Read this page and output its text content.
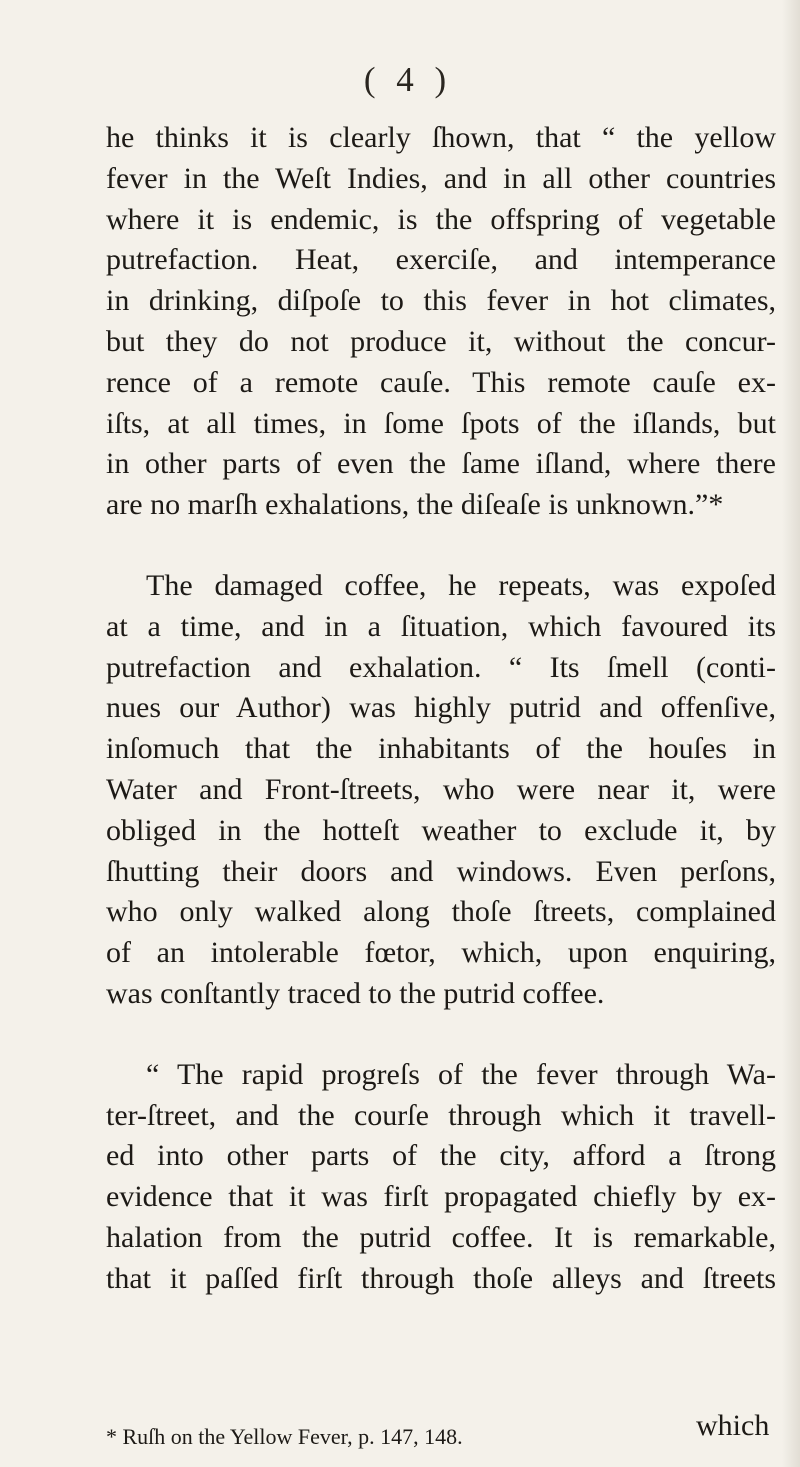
( 4 )
he thinks it is clearly ſhown, that “ the yellow
fever in the Weſt Indies, and in all other countries
where it is endemic, is the offspring of vegetable
putrefaction. Heat, exerciſe, and intemperance
in drinking, diſpoſe to this fever in hot climates,
but they do not produce it, without the concur-
rence of a remote cauſe. This remote cauſe ex-
iſts, at all times, in ſome ſpots of the iſlands, but
in other parts of even the ſame iſland, where there
are no marſh exhalations, the diſeaſe is unknown.”*
The damaged coffee, he repeats, was expoſed
at a time, and in a ſituation, which favoured its
putrefaction and exhalation. “ Its ſmell (conti-
nues our Author) was highly putrid and offenſive,
inſomuch that the inhabitants of the houſes in
Water and Front-ſtreets, who were near it, were
obliged in the hotteſt weather to exclude it, by
ſhutting their doors and windows. Even perſons,
who only walked along thoſe ſtreets, complained
of an intolerable fœtor, which, upon enquiring,
was conſtantly traced to the putrid coffee.
“ The rapid progreſs of the fever through Wa-
ter-ſtreet, and the courſe through which it travell-
ed into other parts of the city, afford a ſtrong
evidence that it was firſt propagated chiefly by ex-
halation from the putrid coffee. It is remarkable,
that it paſſed firſt through thoſe alleys and ſtreets
which
* Ruſh on the Yellow Fever, p. 147, 148.
